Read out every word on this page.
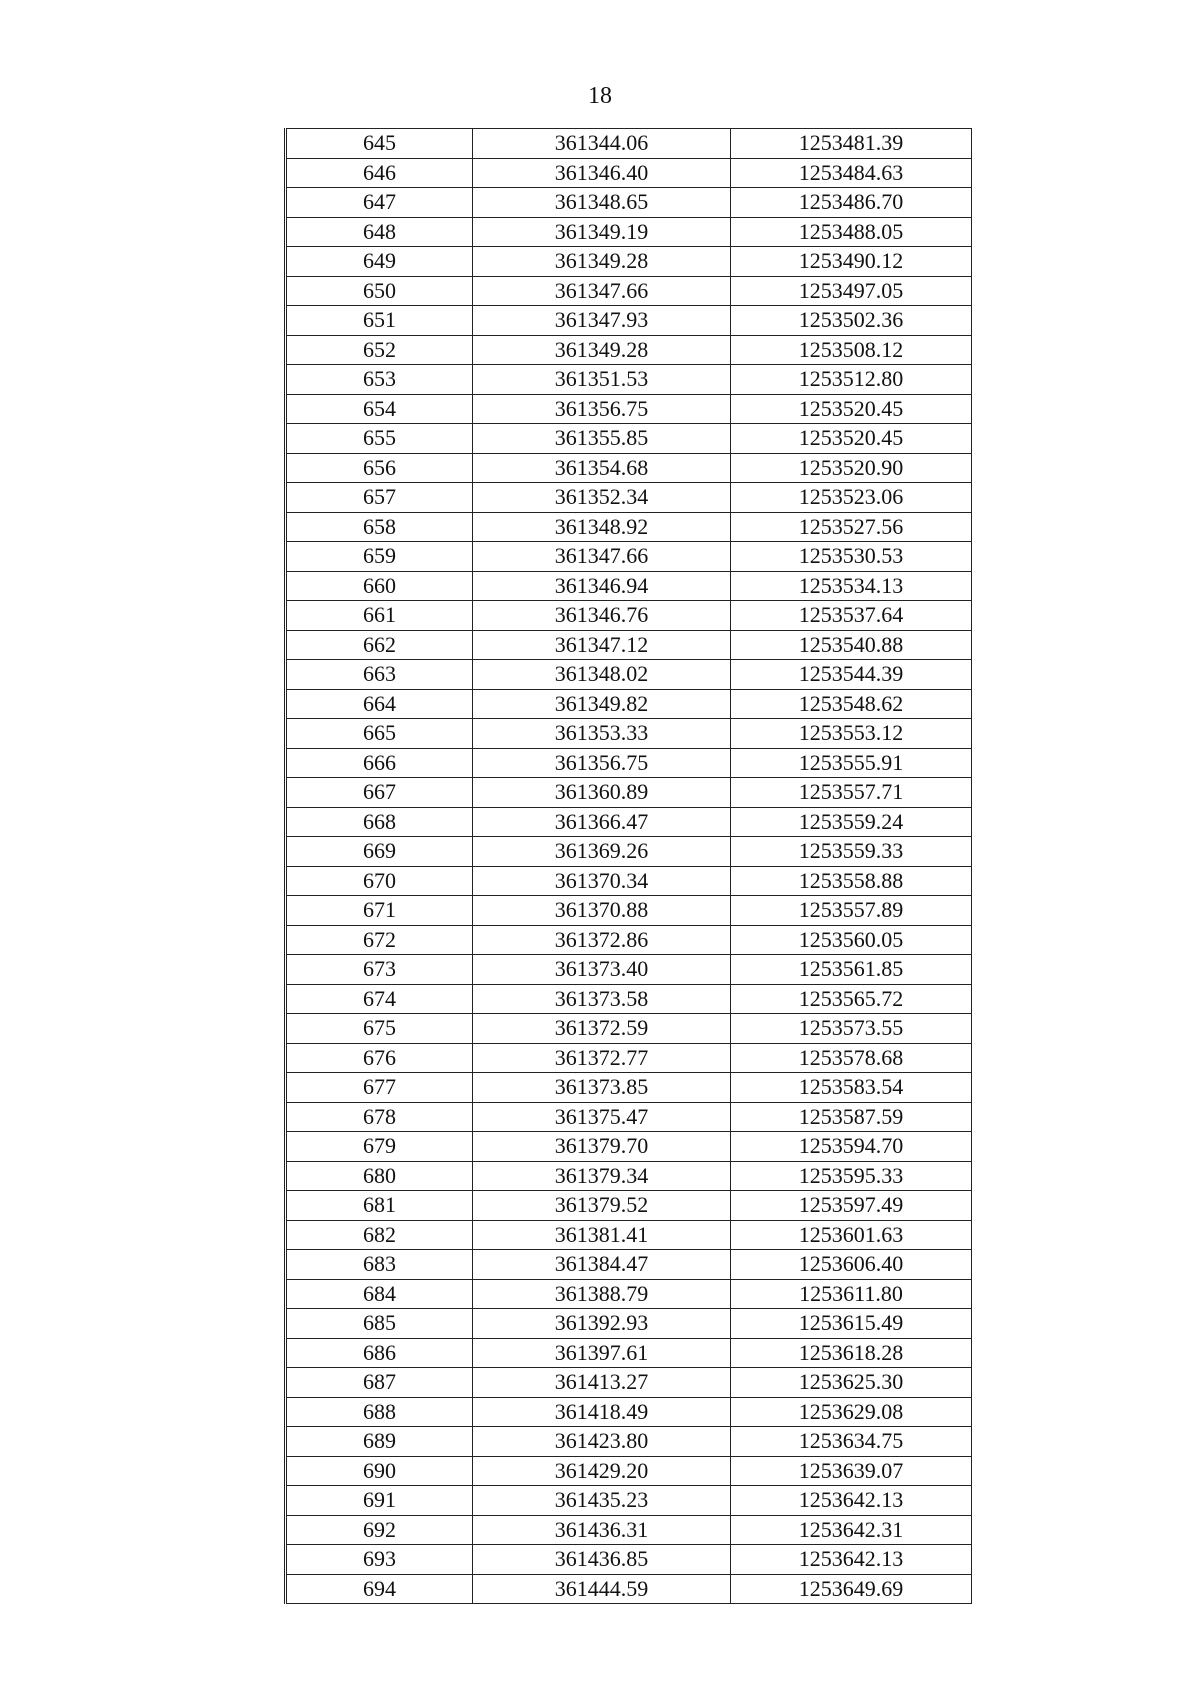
18
645	361344.06	1253481.39
646	361346.40	1253484.63
647	361348.65	1253486.70
648	361349.19	1253488.05
649	361349.28	1253490.12
650	361347.66	1253497.05
651	361347.93	1253502.36
652	361349.28	1253508.12
653	361351.53	1253512.80
654	361356.75	1253520.45
655	361355.85	1253520.45
656	361354.68	1253520.90
657	361352.34	1253523.06
658	361348.92	1253527.56
659	361347.66	1253530.53
660	361346.94	1253534.13
661	361346.76	1253537.64
662	361347.12	1253540.88
663	361348.02	1253544.39
664	361349.82	1253548.62
665	361353.33	1253553.12
666	361356.75	1253555.91
667	361360.89	1253557.71
668	361366.47	1253559.24
669	361369.26	1253559.33
670	361370.34	1253558.88
671	361370.88	1253557.89
672	361372.86	1253560.05
673	361373.40	1253561.85
674	361373.58	1253565.72
675	361372.59	1253573.55
676	361372.77	1253578.68
677	361373.85	1253583.54
678	361375.47	1253587.59
679	361379.70	1253594.70
680	361379.34	1253595.33
681	361379.52	1253597.49
682	361381.41	1253601.63
683	361384.47	1253606.40
684	361388.79	1253611.80
685	361392.93	1253615.49
686	361397.61	1253618.28
687	361413.27	1253625.30
688	361418.49	1253629.08
689	361423.80	1253634.75
690	361429.20	1253639.07
691	361435.23	1253642.13
692	361436.31	1253642.31
693	361436.85	1253642.13
694	361444.59	1253649.69
